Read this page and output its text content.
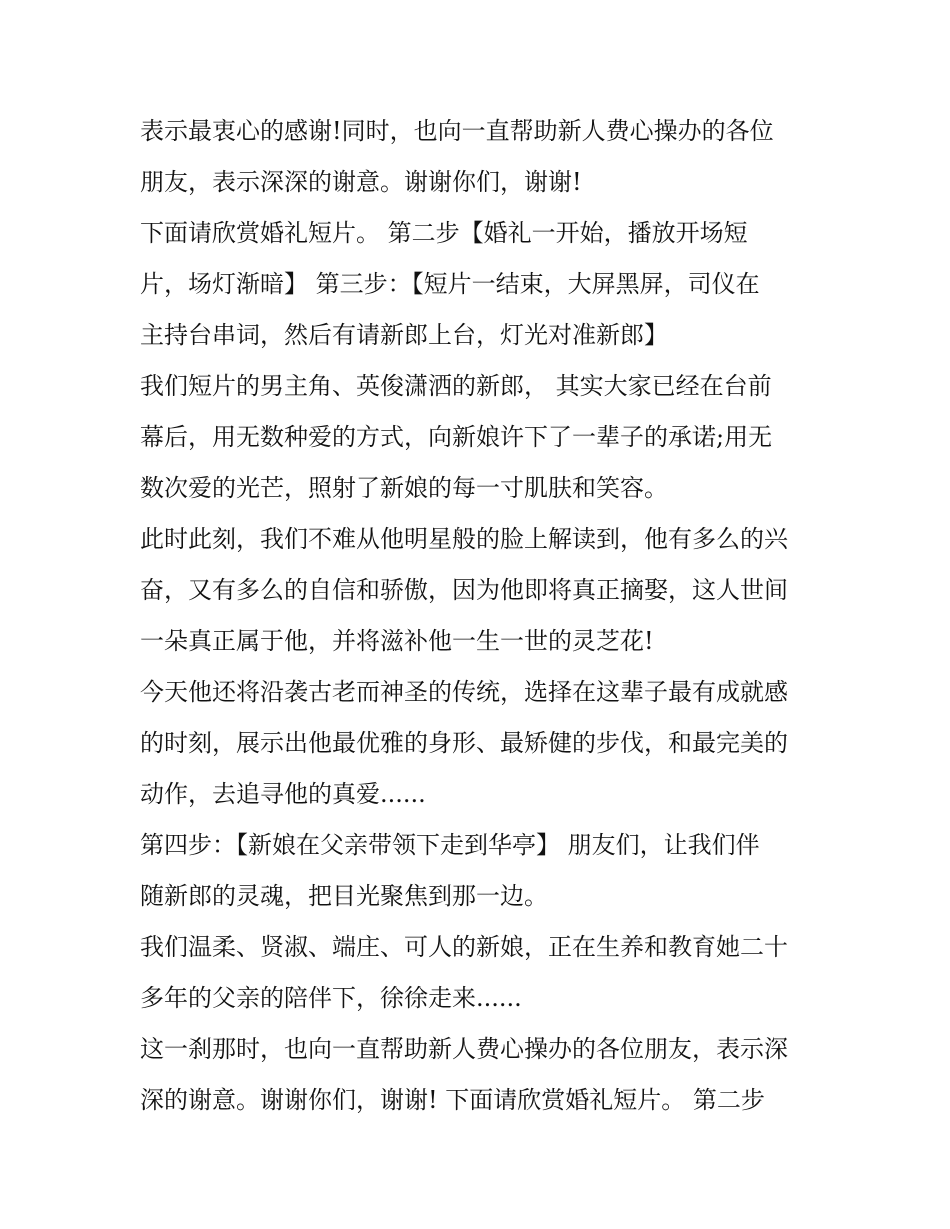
表示最衷心的感谢!同时，也向一直帮助新人费心操办的各位
朋友，表示深深的谢意。谢谢你们，谢谢!
下面请欣赏婚礼短片。 第二步【婚礼一开始，播放开场短
片，场灯渐暗】 第三步：【短片一结束，大屏黑屏，司仪在
主持台串词，然后有请新郎上台，灯光对准新郎】
我们短片的男主角、英俊潇洒的新郎， 其实大家已经在台前
幕后，用无数种爱的方式，向新娘许下了一辈子的承诺;用无
数次爱的光芒，照射了新娘的每一寸肌肤和笑容。
此时此刻，我们不难从他明星般的脸上解读到，他有多么的兴
奋，又有多么的自信和骄傲，因为他即将真正摘娶，这人世间
一朵真正属于他，并将滋补他一生一世的灵芝花!
今天他还将沿袭古老而神圣的传统，选择在这辈子最有成就感
的时刻，展示出他最优雅的身形、最矫健的步伐，和最完美的
动作，去追寻他的真爱......
第四步：【新娘在父亲带领下走到华亭】 朋友们，让我们伴
随新郎的灵魂，把目光聚焦到那一边。
我们温柔、贤淑、端庄、可人的新娘，正在生养和教育她二十
多年的父亲的陪伴下，徐徐走来......
这一刹那时，也向一直帮助新人费心操办的各位朋友，表示深
深的谢意。谢谢你们，谢谢! 下面请欣赏婚礼短片。 第二步
